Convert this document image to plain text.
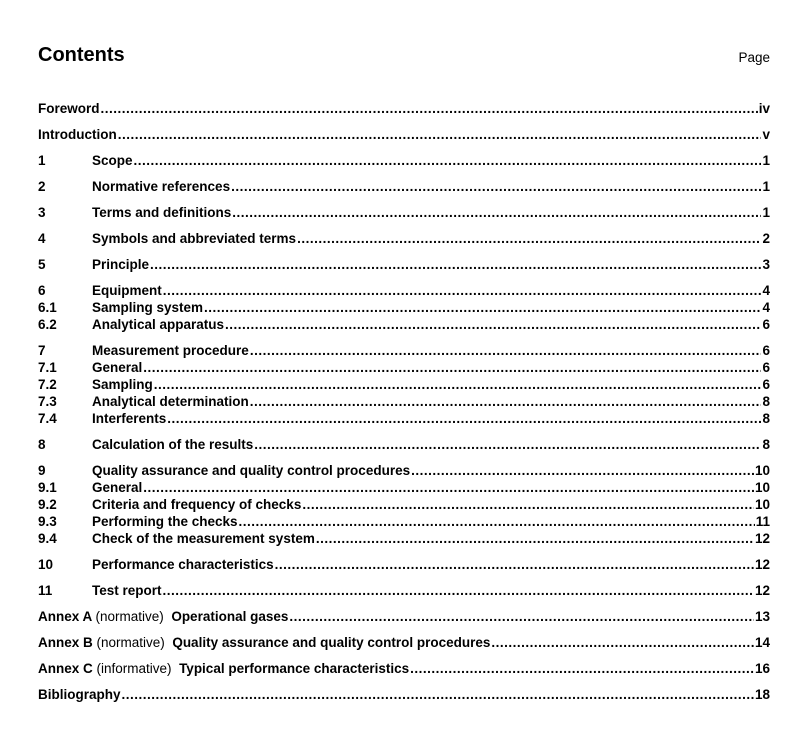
Contents	Page
Foreword .....	iv
Introduction .....	v
1	Scope .....	1
2	Normative references .....	1
3	Terms and definitions .....	1
4	Symbols and abbreviated terms .....	2
5	Principle .....	3
6	Equipment .....	4
6.1	Sampling system .....	4
6.2	Analytical apparatus .....	6
7	Measurement procedure .....	6
7.1	General .....	6
7.2	Sampling .....	6
7.3	Analytical determination .....	8
7.4	Interferents .....	8
8	Calculation of the results .....	8
9	Quality assurance and quality control procedures .....	10
9.1	General .....	10
9.2	Criteria and frequency of checks .....	10
9.3	Performing the checks .....	11
9.4	Check of the measurement system .....	12
10	Performance characteristics .....	12
11	Test report .....	12
Annex A (normative) Operational gases .....	13
Annex B (normative) Quality assurance and quality control procedures .....	14
Annex C (informative) Typical performance characteristics .....	16
Bibliography .....	18
